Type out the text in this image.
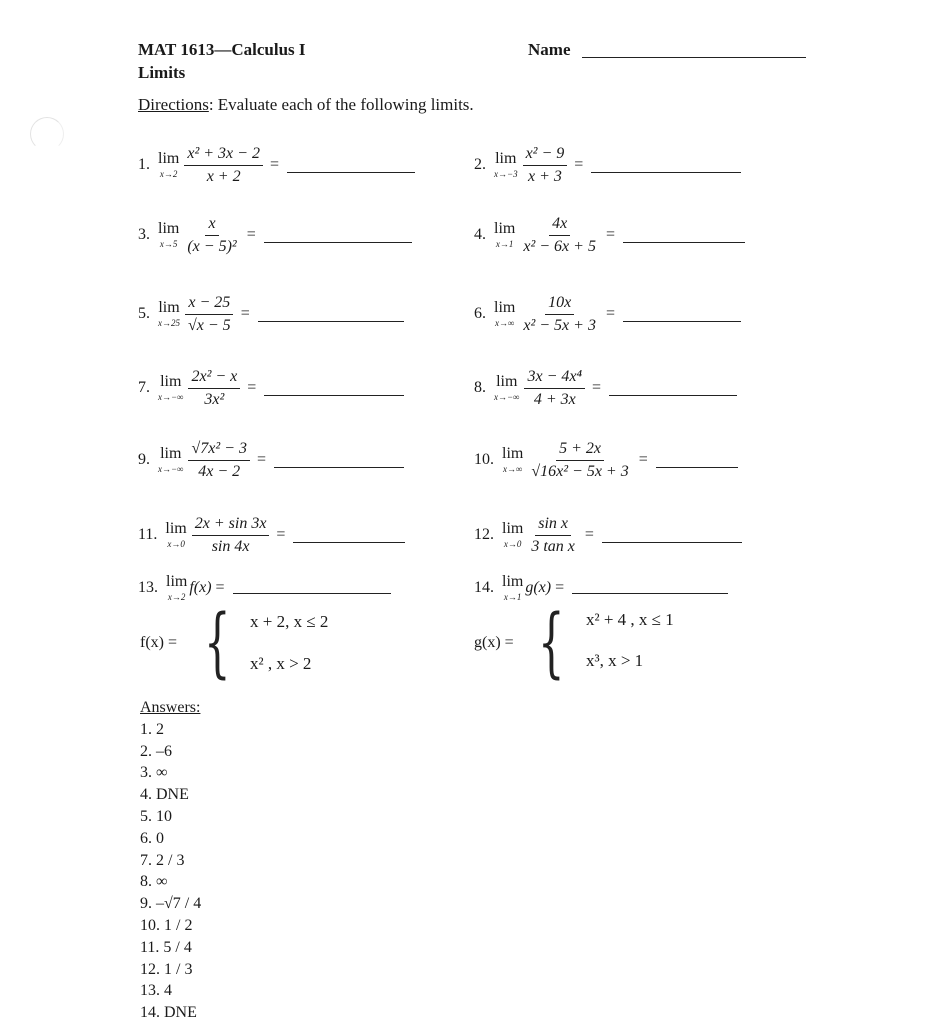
MAT 1613—Calculus I
Limits
Name
Directions: Evaluate each of the following limits.
1. lim
$x\to 2 \frac{\text{x² + 3x − 2}}{x + 2}$ =	2. lim
$x\to-3 \frac{\text{x² − 9}}{x + 3}$ =
3. lim
$x\to 5 \frac{x}{\text{(x − 5)²}}$ =	4. lim
$x\to 1 \frac{4x}{\text{x² − 6x + 5}}$ =
5. lim
$x\to 25 \frac{x - 25}{√x - 5}$ =	6. lim
$x\to\infty \frac{10x}{\text{x² − 5x + 3}}$ =
7. lim
$x\to-\infty \frac{\text{2x² − x}}{\text{3x²}}$ =	8. lim
$x\to-\infty \frac{\text{3x − 4x⁴}}{4 + 3x}$ =
9. lim
$x\to-\infty \frac{\text{√7x² − 3}}{4x - 2}$ =	10. lim
$x\to\infty \frac{5 + 2x}{\text{√16x² − 5x + 3}}$ =
11. lim
$x\to 0 \frac{2x + \sin 3x}{\sin 4x}$ =	12. lim
$x\to 0 \frac{\text{sin x}}{\text{3 tan x}}$ =
13. lim
x→2
f(x) =	14. lim
x→1
g(x) =
f(x) = { x + 2, x ≤ 2
x² , x > 2
g(x) = { x² + 4 , x ≤ 1
x³, x > 1
Answers:
1. 2
2. –6
3. ∞
4. DNE
5. 10
6. 0
7. 2 / 3
8. ∞
9. –√7 / 4
10. 1 / 2
11. 5 / 4
12. 1 / 3
13. 4
14. DNE
